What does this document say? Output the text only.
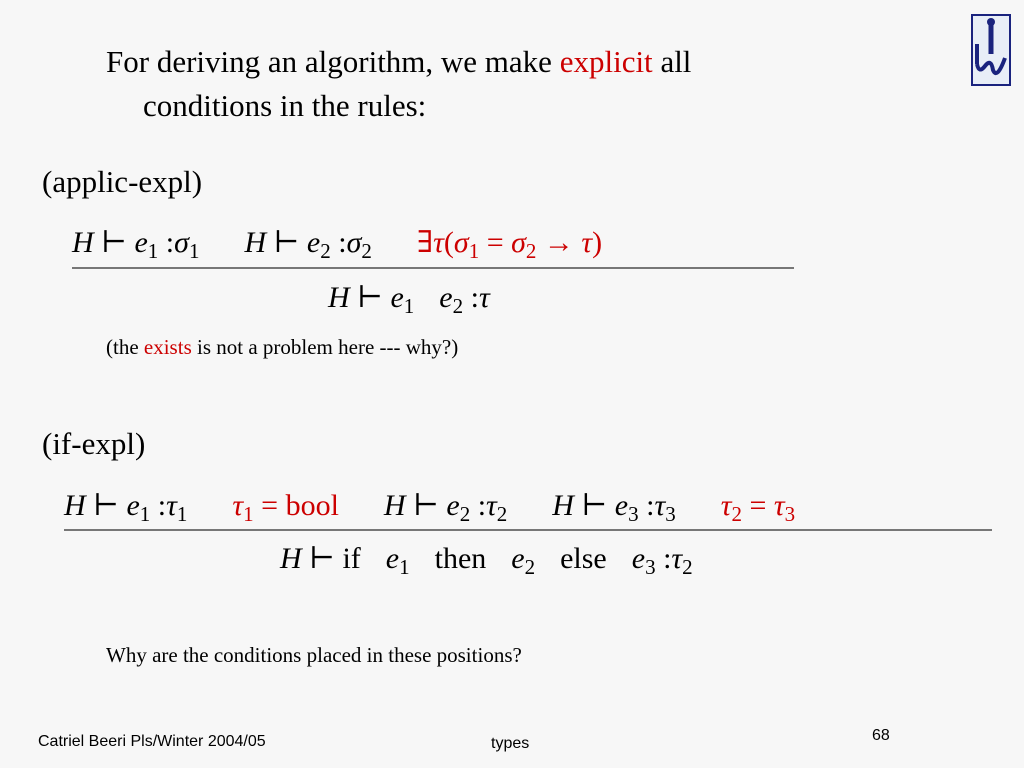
For deriving an algorithm, we make explicit all
conditions in the rules:
(applic-expl)
H ⊢ $e_1$ $:\sigma_1$ H ⊢ $e_2$ $:\sigma_2$ $\exists\tau(\sigma_1 = \sigma_2 \to \tau)$
H ⊢ $e_1$ $e_2$ :τ
(the exists is not a problem here --- why?)
(if-expl)
H ⊢ $e_1$ $:\tau_1$ $\tau_1$ = bool H ⊢ $e_2$ $:\tau_2$ H ⊢ $e_3$ $:\tau_3$ $\tau_2 = \tau_3$
H ⊢ if $e_1$ then $e_2$ else $e_3$ $:\tau_2$
Why are the conditions placed in these positions?
Catriel Beeri Pls/Winter 2004/05	types	68
